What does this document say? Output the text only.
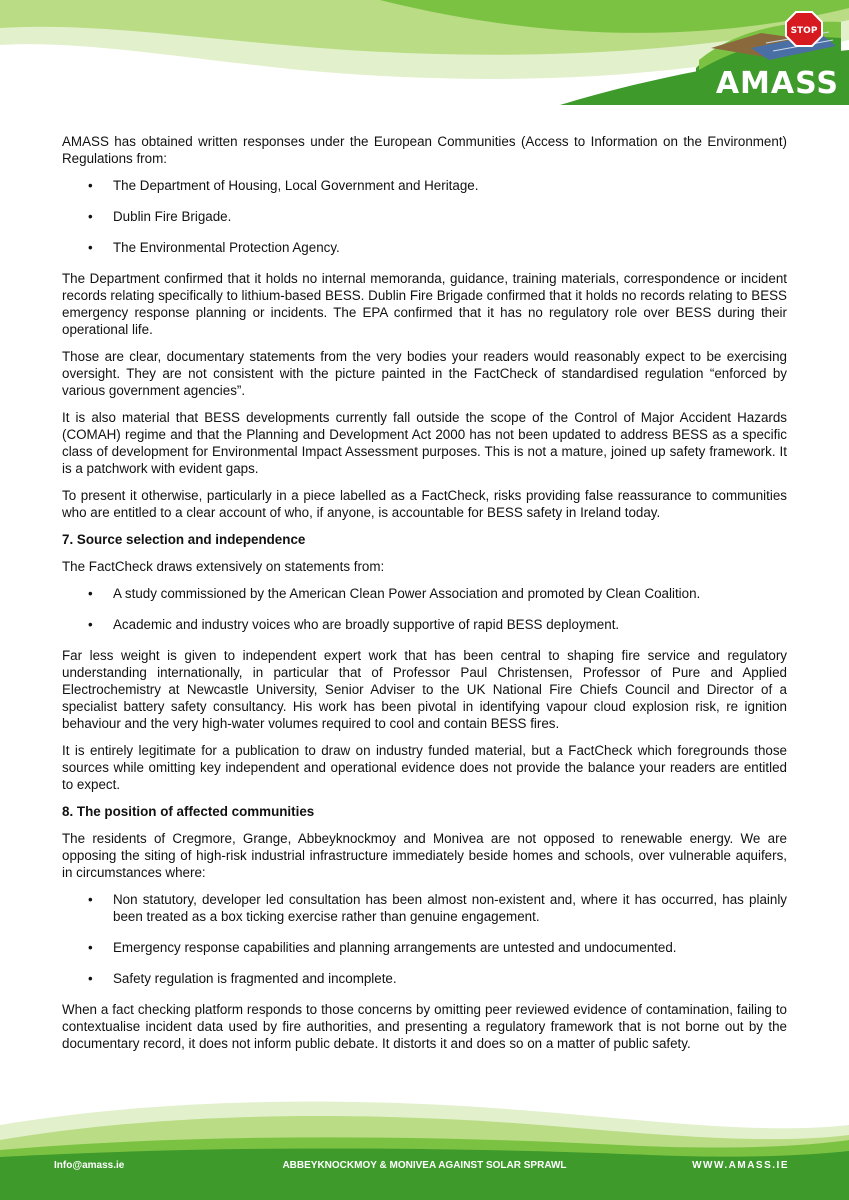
STOP
AMASS

AMASS has obtained written responses under the European Communities (Access to Information on the Environment) Regulations from:

• The Department of Housing, Local Government and Heritage.
• Dublin Fire Brigade.
• The Environmental Protection Agency.

The Department confirmed that it holds no internal memoranda, guidance, training materials, correspondence or incident records relating specifically to lithium-based BESS. Dublin Fire Brigade confirmed that it holds no records relating to BESS emergency response planning or incidents. The EPA confirmed that it has no regulatory role over BESS during their operational life.

Those are clear, documentary statements from the very bodies your readers would reasonably expect to be exercising oversight. They are not consistent with the picture painted in the FactCheck of standardised regulation “enforced by various government agencies”.

It is also material that BESS developments currently fall outside the scope of the Control of Major Accident Hazards (COMAH) regime and that the Planning and Development Act 2000 has not been updated to address BESS as a specific class of development for Environmental Impact Assessment purposes. This is not a mature, joined up safety framework. It is a patchwork with evident gaps.

To present it otherwise, particularly in a piece labelled as a FactCheck, risks providing false reassurance to communities who are entitled to a clear account of who, if anyone, is accountable for BESS safety in Ireland today.

7. Source selection and independence

The FactCheck draws extensively on statements from:

• A study commissioned by the American Clean Power Association and promoted by Clean Coalition.
• Academic and industry voices who are broadly supportive of rapid BESS deployment.

Far less weight is given to independent expert work that has been central to shaping fire service and regulatory understanding internationally, in particular that of Professor Paul Christensen, Professor of Pure and Applied Electrochemistry at Newcastle University, Senior Adviser to the UK National Fire Chiefs Council and Director of a specialist battery safety consultancy. His work has been pivotal in identifying vapour cloud explosion risk, re ignition behaviour and the very high-water volumes required to cool and contain BESS fires.

It is entirely legitimate for a publication to draw on industry funded material, but a FactCheck which foregrounds those sources while omitting key independent and operational evidence does not provide the balance your readers are entitled to expect.

8. The position of affected communities

The residents of Cregmore, Grange, Abbeyknockmoy and Monivea are not opposed to renewable energy. We are opposing the siting of high-risk industrial infrastructure immediately beside homes and schools, over vulnerable aquifers, in circumstances where:

• Non statutory, developer led consultation has been almost non-existent and, where it has occurred, has plainly been treated as a box ticking exercise rather than genuine engagement.
• Emergency response capabilities and planning arrangements are untested and undocumented.
• Safety regulation is fragmented and incomplete.

When a fact checking platform responds to those concerns by omitting peer reviewed evidence of contamination, failing to contextualise incident data used by fire authorities, and presenting a regulatory framework that is not borne out by the documentary record, it does not inform public debate. It distorts it and does so on a matter of public safety.

Info@amass.ie	ABBEYKNOCKMOY & MONIVEA AGAINST SOLAR SPRAWL	WWW.AMASS.IE
